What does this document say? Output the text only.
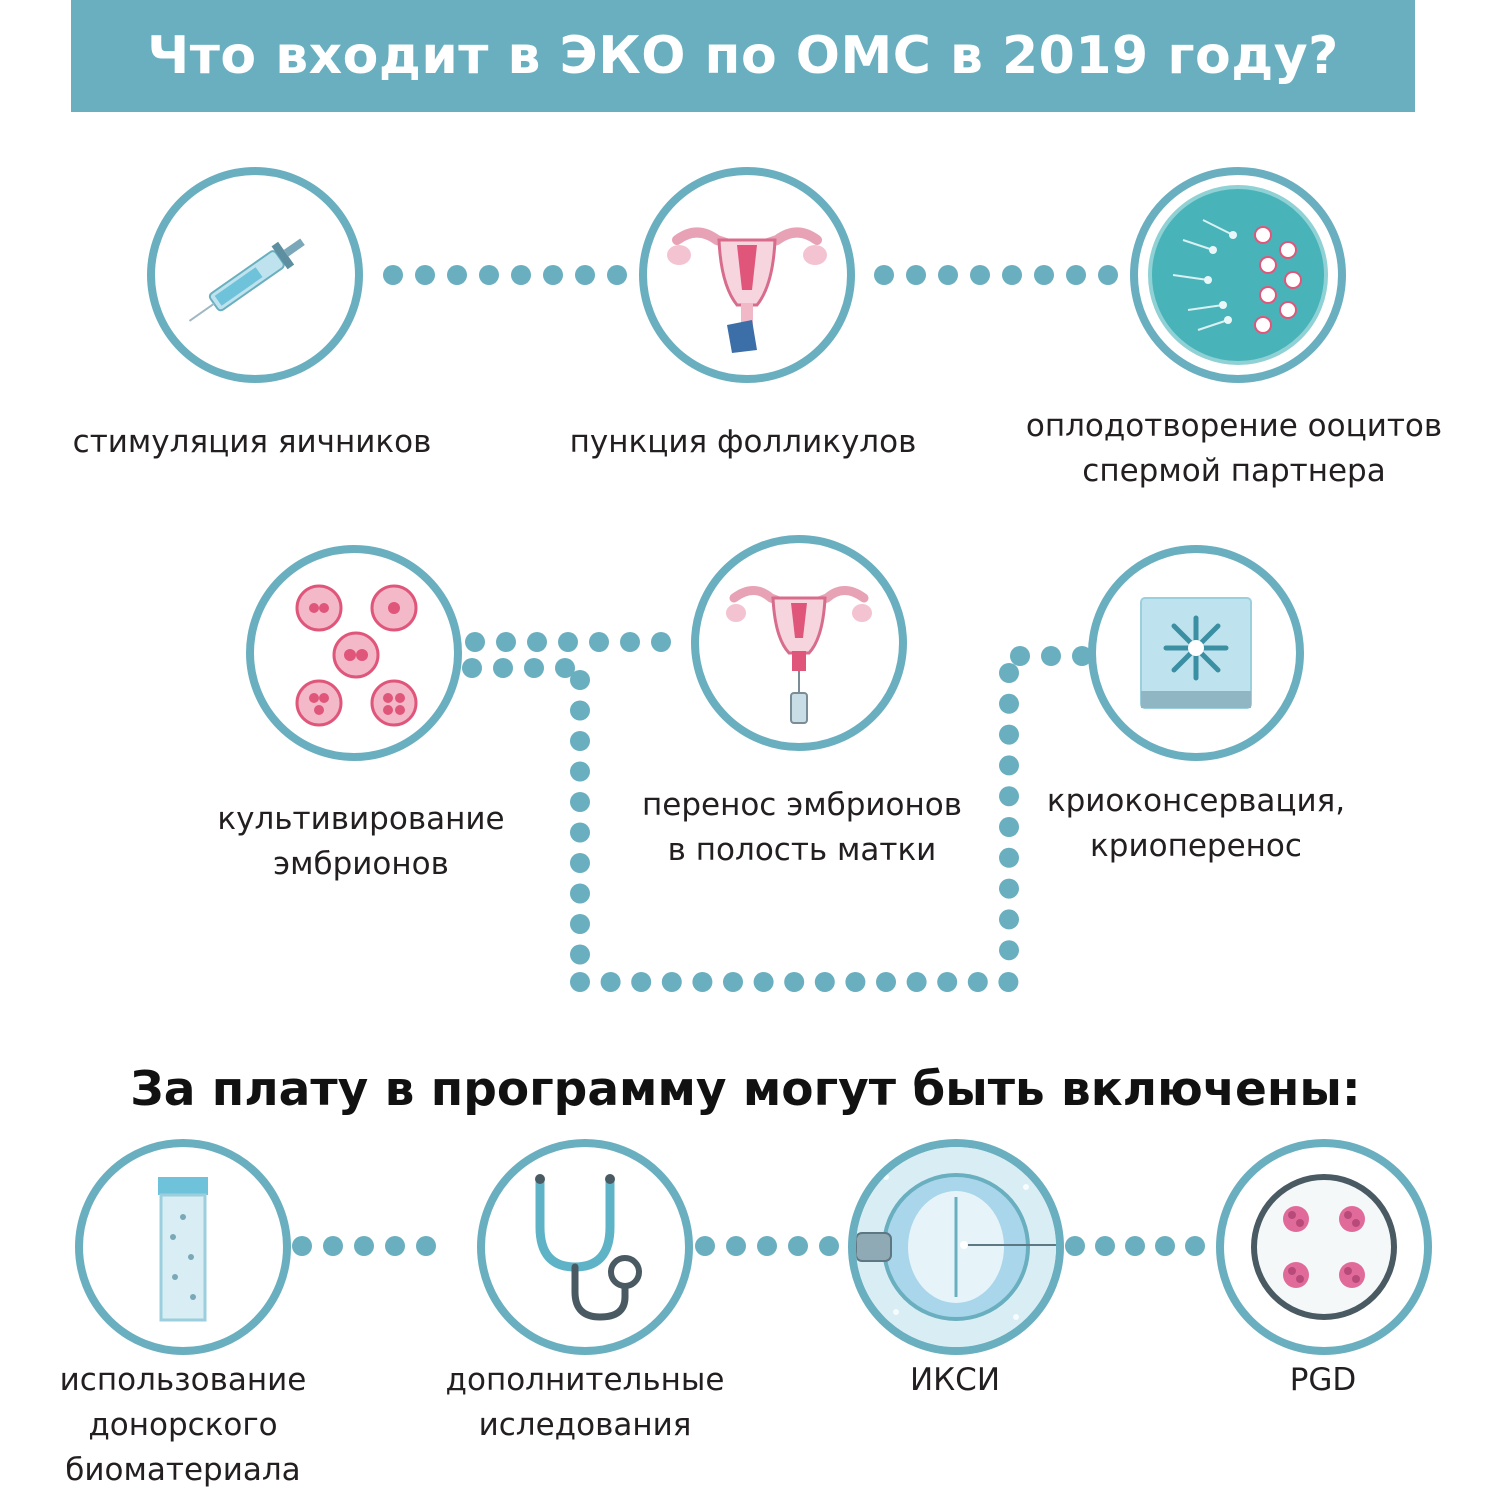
Что входит в ЭКО по ОМС в 2019 году?
стимуляция яичников	пункция фолликулов	оплодотворение ооцитов
спермой партнера
культивирование
эмбрионов
перенос эмбрионов
в полость матки
криоконсервация,
криоперенос
За плату в программу могут быть включены:
использование
донорского
биоматериала
дополнительные
иследования
ИКСИ	PGD
